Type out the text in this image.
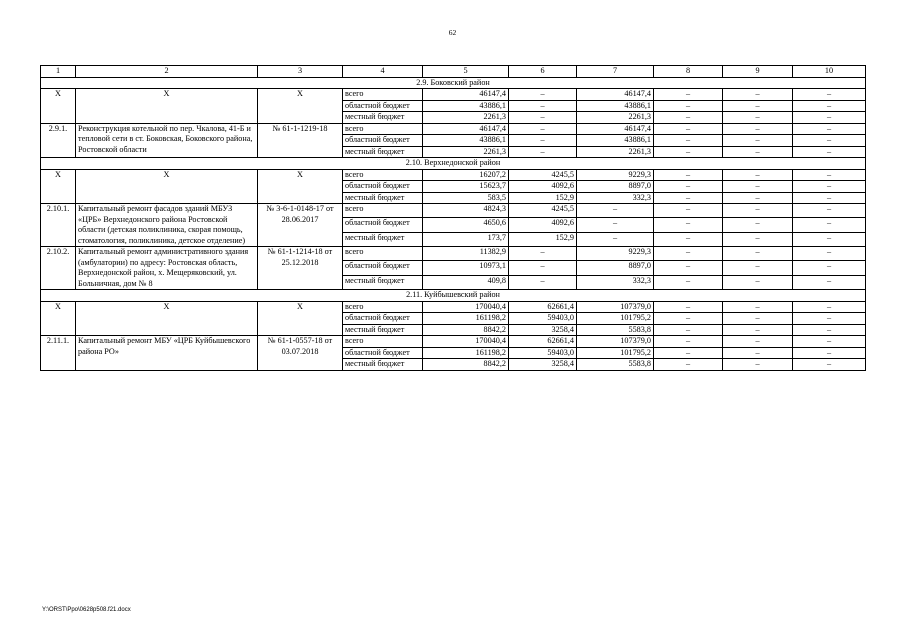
62
1	2	3	4	5	6	7	8	9	10
2.9. Боковский район									
X	X	X	всего	46147,4	–	46147,4	–	–	–
			областной бюджет	43886,1	–	43886,1	–	–	–
			местный бюджет	2261,3	–	2261,3	–	–	–
2.9.1.	Реконструкция котельной по пер. Чкалова, 41-Б и тепловой сети в ст. Боковская, Боковского района, Ростовской области	№ 61-1-1219-18	всего	46147,4	–	46147,4	–	–	–
			областной бюджет	43886,1	–	43886,1	–	–	–
			местный бюджет	2261,3	–	2261,3	–	–	–
2.10. Верхнедонской район									
X	X	X	всего	16207,2	4245,5	9229,3	–	–	–
			областной бюджет	15623,7	4092,6	8897,0	–	–	–
			местный бюджет	583,5	152,9	332,3	–	–	–
2.10.1.	Капитальный ремонт фасадов зданий МБУЗ «ЦРБ» Верхнедонского района Ростовской области (детская поликлиника, скорая помощь, стоматология, поликлиника, детское отделение)	№ 3-6-1-0148-17 от 28.06.2017	всего	4824,3	4245,5	–	–	–	–
			областной бюджет	4650,6	4092,6	–	–	–	–
			местный бюджет	173,7	152,9	–	–	–	–
2.10.2.	Капитальный ремонт административного здания (амбулатории) по адресу: Ростовская область, Верхнедонской район, х. Мещеряковский, ул. Больничная, дом № 8	№ 61-1-1214-18 от 25.12.2018	всего	11382,9	–	9229,3	–	–	–
			областной бюджет	10973,1	–	8897,0	–	–	–
			местный бюджет	409,8	–	332,3	–	–	–
2.11. Куйбышевский район									
X	X	X	всего	170040,4	62661,4	107379,0	–	–	–
			областной бюджет	161198,2	59403,0	101795,2	–	–	–
			местный бюджет	8842,2	3258,4	5583,8	–	–	–
2.11.1.	Капитальный ремонт МБУ «ЦРБ Куйбышевского района РО»	№ 61-1-0557-18 от 03.07.2018	всего	170040,4	62661,4	107379,0	–	–	–
			областной бюджет	161198,2	59403,0	101795,2	–	–	–
			местный бюджет	8842,2	3258,4	5583,8	–	–	–
Y:\ORST\Ppo\0628p508.f21.docx
